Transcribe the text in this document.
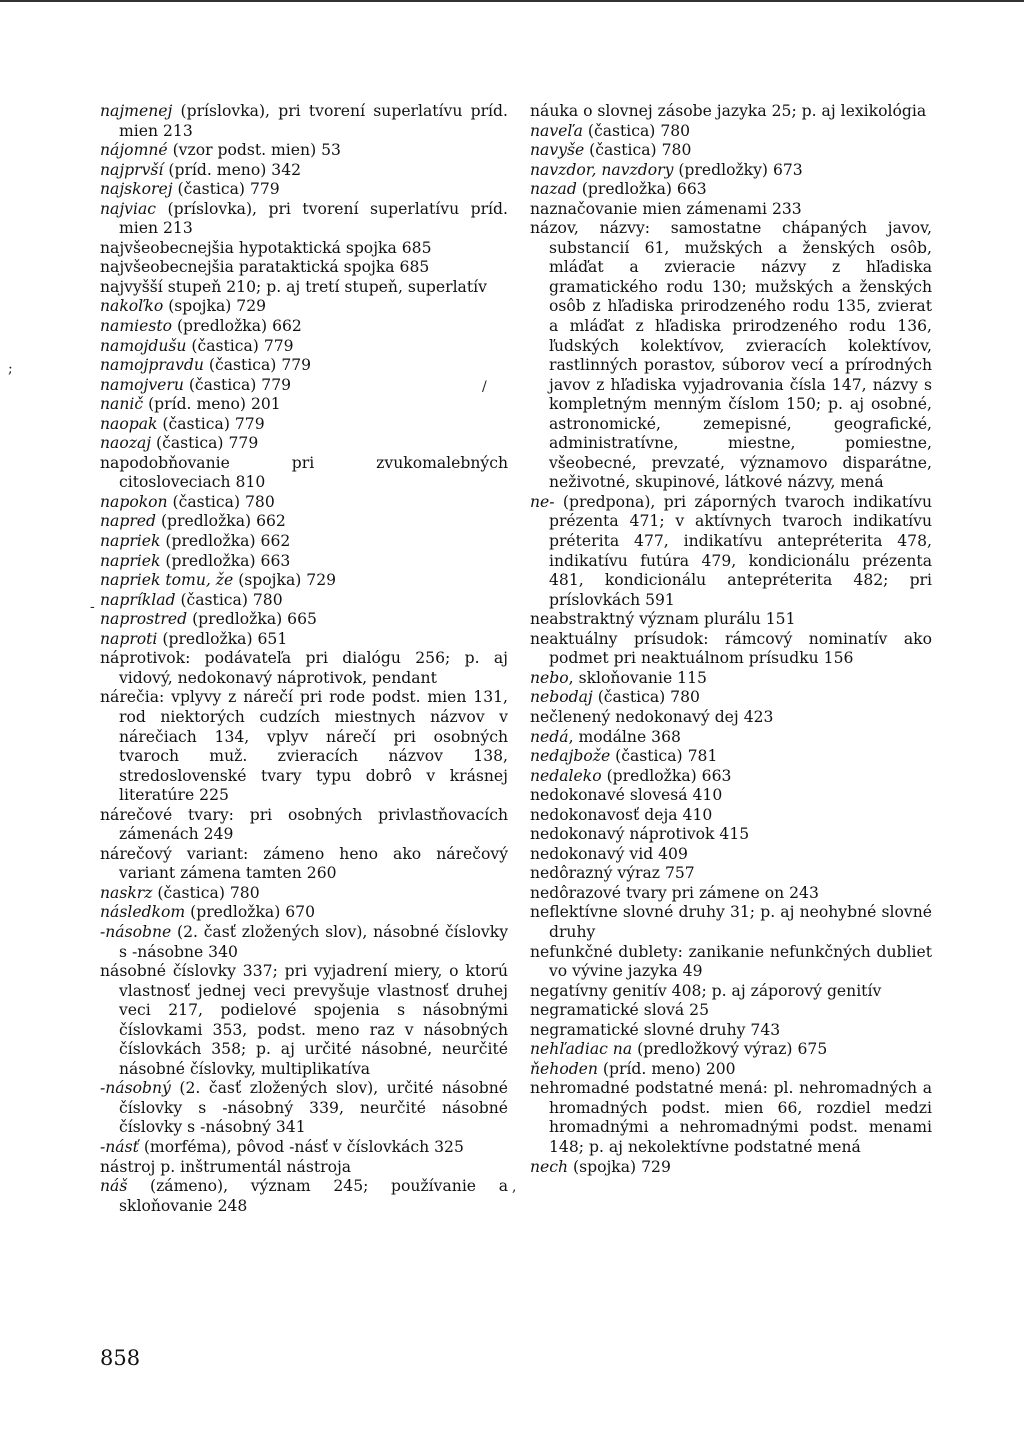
;
/
-
,

najmenej (príslovka), pri tvorení superlatívu príd. mien 213

nájomné (vzor podst. mien) 53

najprvší (príd. meno) 342

najskorej (častica) 779

najviac (príslovka), pri tvorení superlatívu príd. mien 213

najvšeobecnejšia hypotaktická spojka 685

najvšeobecnejšia parataktická spojka 685

najvyšší stupeň 210; p. aj tretí stupeň, superlatív

nakoľko (spojka) 729

namiesto (predložka) 662

namojdušu (častica) 779

namojpravdu (častica) 779

namojveru (častica) 779

nanič (príd. meno) 201

naopak (častica) 779

naozaj (častica) 779

napodobňovanie pri zvukomalebných citosloveciach 810

napokon (častica) 780

napred (predložka) 662

napriek (predložka) 662

napriek (predložka) 663

napriek tomu, že (spojka) 729

napríklad (častica) 780

naprostred (predložka) 665

naproti (predložka) 651

náprotivok: podávateľa pri dialógu 256; p. aj vidový, nedokonavý náprotivok, pendant

nárečia: vplyvy z nárečí pri rode podst. mien 131, rod niektorých cudzích miestnych názvov v nárečiach 134, vplyv nárečí pri osobných tvaroch muž. zvieracích názvov 138, stredoslovenské tvary typu dobrô v krásnej literatúre 225

nárečové tvary: pri osobných privlastňovacích zámenách 249

nárečový variant: zámeno heno ako nárečový variant zámena tamten 260

naskrz (častica) 780

následkom (predložka) 670

-násobne (2. časť zložených slov), násobné číslovky s -násobne 340

násobné číslovky 337; pri vyjadrení miery, o ktorú vlastnosť jednej veci prevyšuje vlastnosť druhej veci 217, podielové spojenia s násobnými číslovkami 353, podst. meno raz v násobných číslovkách 358; p. aj určité násobné, neurčité násobné číslovky, multiplikatíva

-násobný (2. časť zložených slov), určité násobné číslovky s -násobný 339, neurčité násobné číslovky s -násobný 341

-násť (morféma), pôvod -násť v číslovkách 325

nástroj p. inštrumentál nástroja

náš (zámeno), význam 245; používanie a skloňovanie 248

náuka o slovnej zásobe jazyka 25; p. aj lexikológia

naveľa (častica) 780

navyše (častica) 780

navzdor, navzdory (predložky) 673

nazad (predložka) 663

naznačovanie mien zámenami 233

názov, názvy: samostatne chápaných javov, substancií 61, mužských a ženských osôb, mláďat a zvieracie názvy z hľadiska gramatického rodu 130; mužských a ženských osôb z hľadiska prirodzeného rodu 135, zvierat a mláďat z hľadiska prirodzeného rodu 136, ľudských kolektívov, zvieracích kolektívov, rastlinných porastov, súborov vecí a prírodných javov z hľadiska vyjadrovania čísla 147, názvy s kompletným menným číslom 150; p. aj osobné, astronomické, zemepisné, geografické, administratívne, miestne, pomiestne, všeobecné, prevzaté, významovo disparátne, neživotné, skupinové, látkové názvy, mená

ne- (predpona), pri záporných tvaroch indikatívu prézenta 471; v aktívnych tvaroch indikatívu préterita 477, indikatívu antepréterita 478, indikatívu futúra 479, kondicionálu prézenta 481, kondicionálu antepréterita 482; pri príslovkách 591

neabstraktný význam plurálu 151

neaktuálny prísudok: rámcový nominatív ako podmet pri neaktuálnom prísudku 156

nebo, skloňovanie 115

nebodaj (častica) 780

nečlenený nedokonavý dej 423

nedá, modálne 368

nedajbože (častica) 781

nedaleko (predložka) 663

nedokonavé slovesá 410

nedokonavosť deja 410

nedokonavý náprotivok 415

nedokonavý vid 409

nedôrazný výraz 757

nedôrazové tvary pri zámene on 243

neflektívne slovné druhy 31; p. aj neohybné slovné druhy

nefunkčné dublety: zanikanie nefunkčných dubliet vo vývine jazyka 49

negatívny genitív 408; p. aj záporový genitív

negramatické slová 25

negramatické slovné druhy 743

nehľadiac na (predložkový výraz) 675

ňehoden (príd. meno) 200

nehromadné podstatné mená: pl. nehromadných a hromadných podst. mien 66, rozdiel medzi hromadnými a nehromadnými podst. menami 148; p. aj nekolektívne podstatné mená

nech (spojka) 729

858
